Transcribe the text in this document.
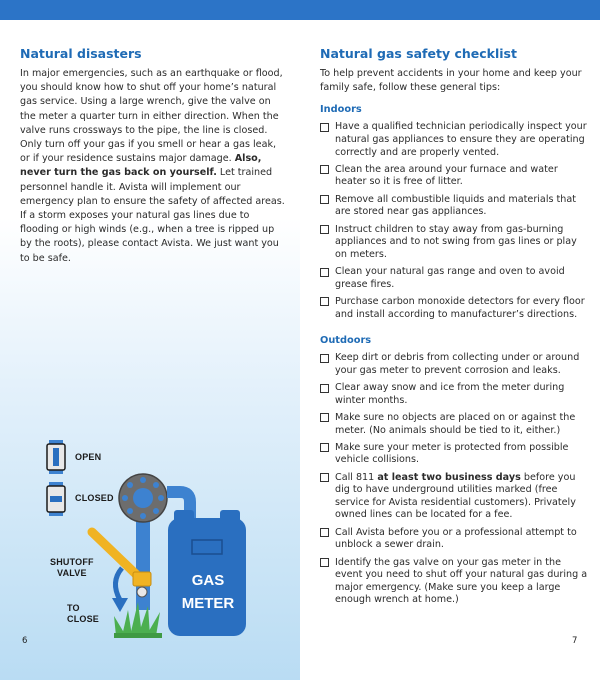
Natural disasters

In major emergencies, such as an earthquake or flood, you should know how to shut off your home’s natural gas service. Using a large wrench, give the valve on the meter a quarter turn in either direction. When the valve runs crossways to the pipe, the line is closed. Only turn off your gas if you smell or hear a gas leak, or if your residence sustains major damage. Also, never turn the gas back on yourself. Let trained personnel handle it. Avista will implement our emergency plan to ensure the safety of affected areas. If a storm exposes your natural gas lines due to flooding or high winds (e.g., when a tree is ripped up by the roots), please contact Avista. We just want you to be safe.

OPEN
CLOSED
SHUTOFF
VALVE
TO
CLOSE
GAS
METER
Natural gas safety checklist

To help prevent accidents in your home and keep your family safe, follow these general tips:

Indoors
Have a qualified technician periodically inspect your natural gas appliances to ensure they are operating correctly and are properly vented.
Clean the area around your furnace and water heater so it is free of litter.
Remove all combustible liquids and materials that are stored near gas appliances.
Instruct children to stay away from gas-burning appliances and to not swing from gas lines or play on meters.
Clean your natural gas range and oven to avoid grease fires.
Purchase carbon monoxide detectors for every floor and install according to manufacturer’s directions.
Outdoors
Keep dirt or debris from collecting under or around your gas meter to prevent corrosion and leaks.
Clear away snow and ice from the meter during winter months.
Make sure no objects are placed on or against the meter. (No animals should be tied to it, either.)
Make sure your meter is protected from possible vehicle collisions.
Call 811 at least two business days before you dig to have underground utilities marked (free service for Avista residential customers). Privately owned lines can be located for a fee.
Call Avista before you or a professional attempt to unblock a sewer drain.
Identify the gas valve on your gas meter in the event you need to shut off your natural gas during a major emergency. (Make sure you keep a large enough wrench at home.)
6	7
